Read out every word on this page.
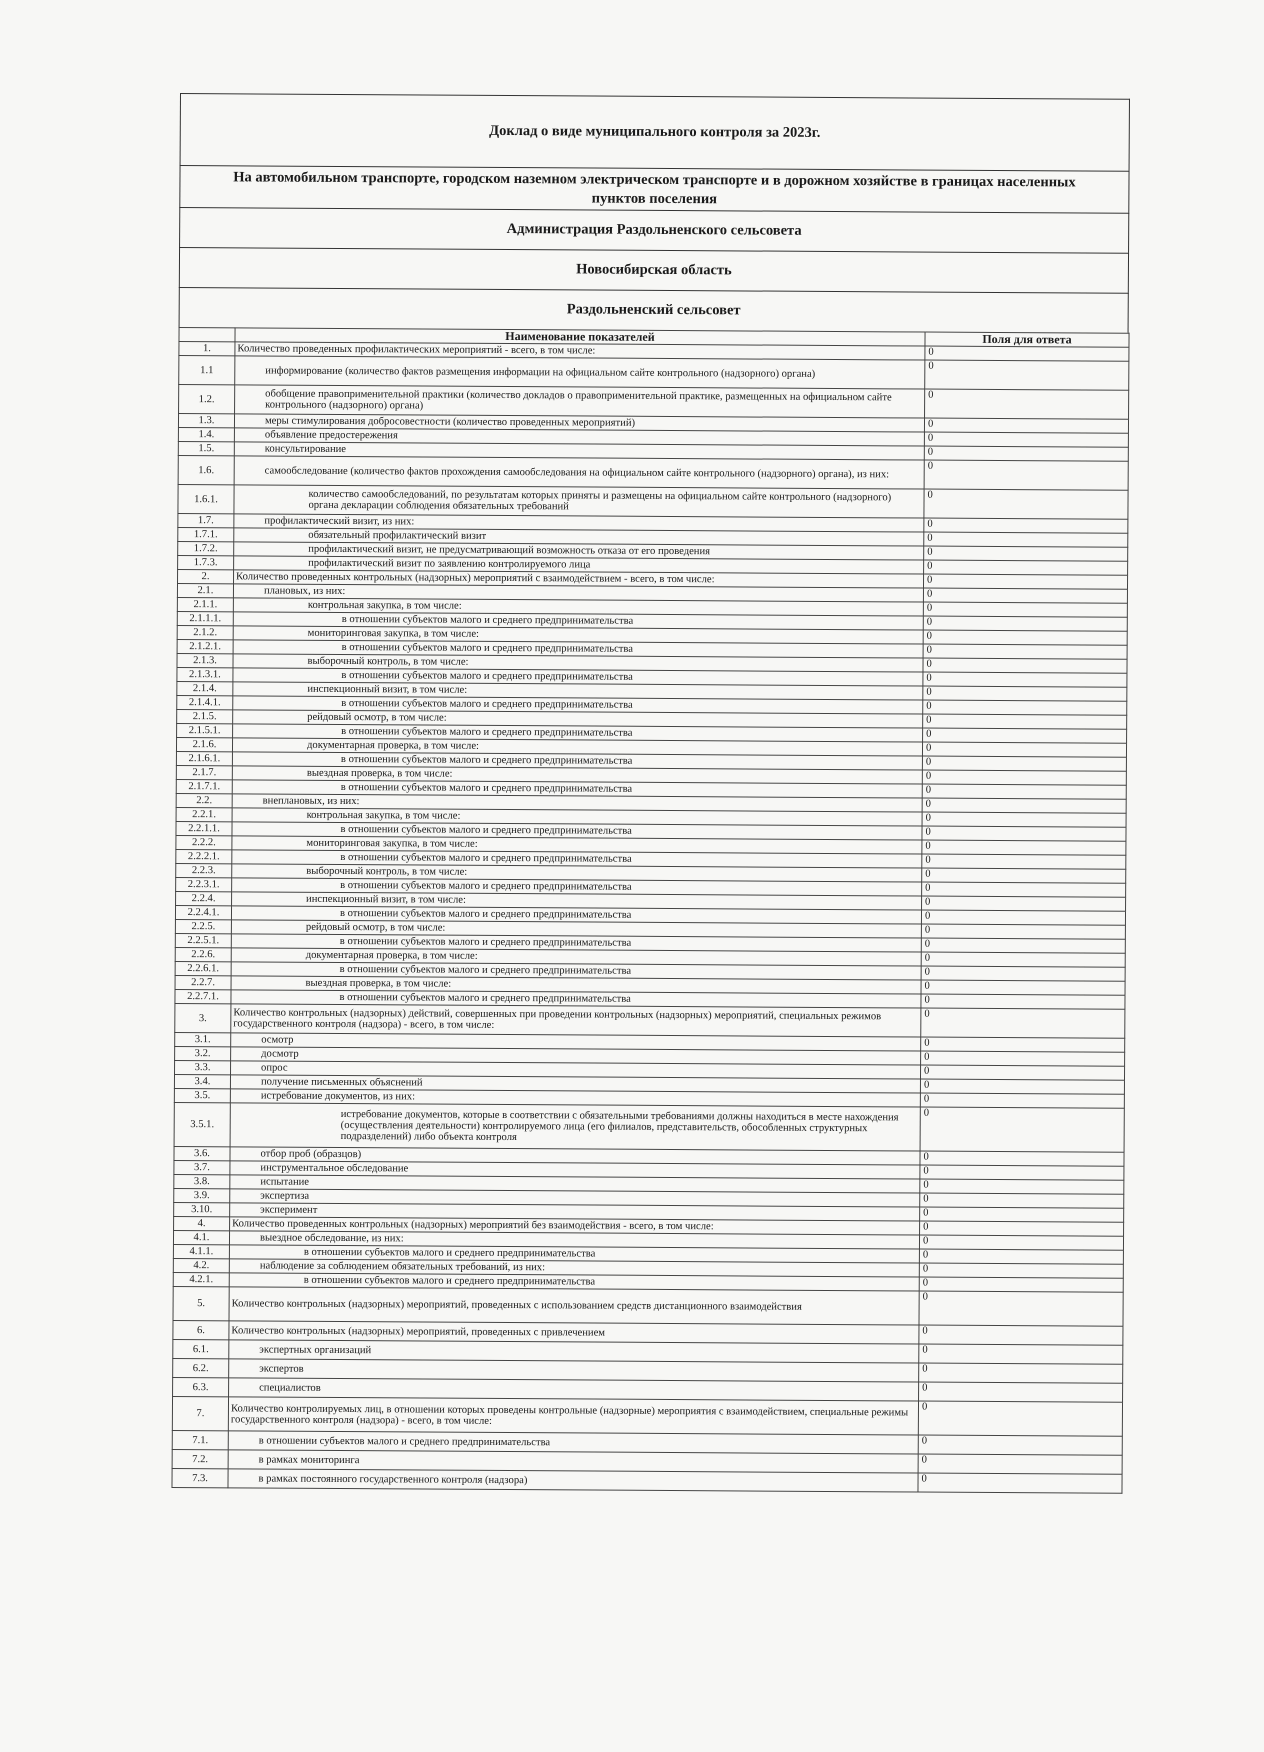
Доклад о виде муниципального контроля за 2023г.
На автомобильном транспорте, городском наземном электрическом транспорте и в дорожном хозяйстве в границах населенных пунктов поселения
Администрация Раздольненского сельсовета
Новосибирская область
Раздольненский сельсовет
	Наименование показателей	Поля для ответа
1.	Количество проведенных профилактических мероприятий - всего, в том числе:	0
1.1	информирование (количество фактов размещения информации на официальном сайте контрольного (надзорного) органа)	0
1.2.	обобщение правоприменительной практики (количество докладов о правоприменительной практике, размещенных на официальном сайте контрольного (надзорного) органа)	0
1.3.	меры стимулирования добросовестности (количество проведенных мероприятий)	0
1.4.	объявление предостережения	0
1.5.	консультирование	0
1.6.	самообследование (количество фактов прохождения самообследования на официальном сайте контрольного (надзорного) органа), из них:	0
1.6.1.	количество самообследований, по результатам которых приняты и размещены на официальном сайте контрольного (надзорного) органа декларации соблюдения обязательных требований	0
1.7.	профилактический визит, из них:	0
1.7.1.	обязательный профилактический визит	0
1.7.2.	профилактический визит, не предусматривающий возможность отказа от его проведения	0
1.7.3.	профилактический визит по заявлению контролируемого лица	0
2.	Количество проведенных контрольных (надзорных) мероприятий с взаимодействием - всего, в том числе:	0
2.1.	плановых, из них:	0
2.1.1.	контрольная закупка, в том числе:	0
2.1.1.1.	в отношении субъектов малого и среднего предпринимательства	0
2.1.2.	мониторинговая закупка, в том числе:	0
2.1.2.1.	в отношении субъектов малого и среднего предпринимательства	0
2.1.3.	выборочный контроль, в том числе:	0
2.1.3.1.	в отношении субъектов малого и среднего предпринимательства	0
2.1.4.	инспекционный визит, в том числе:	0
2.1.4.1.	в отношении субъектов малого и среднего предпринимательства	0
2.1.5.	рейдовый осмотр, в том числе:	0
2.1.5.1.	в отношении субъектов малого и среднего предпринимательства	0
2.1.6.	документарная проверка, в том числе:	0
2.1.6.1.	в отношении субъектов малого и среднего предпринимательства	0
2.1.7.	выездная проверка, в том числе:	0
2.1.7.1.	в отношении субъектов малого и среднего предпринимательства	0
2.2.	внеплановых, из них:	0
2.2.1.	контрольная закупка, в том числе:	0
2.2.1.1.	в отношении субъектов малого и среднего предпринимательства	0
2.2.2.	мониторинговая закупка, в том числе:	0
2.2.2.1.	в отношении субъектов малого и среднего предпринимательства	0
2.2.3.	выборочный контроль, в том числе:	0
2.2.3.1.	в отношении субъектов малого и среднего предпринимательства	0
2.2.4.	инспекционный визит, в том числе:	0
2.2.4.1.	в отношении субъектов малого и среднего предпринимательства	0
2.2.5.	рейдовый осмотр, в том числе:	0
2.2.5.1.	в отношении субъектов малого и среднего предпринимательства	0
2.2.6.	документарная проверка, в том числе:	0
2.2.6.1.	в отношении субъектов малого и среднего предпринимательства	0
2.2.7.	выездная проверка, в том числе:	0
2.2.7.1.	в отношении субъектов малого и среднего предпринимательства	0
3.	Количество контрольных (надзорных) действий, совершенных при проведении контрольных (надзорных) мероприятий, специальных режимов государственного контроля (надзора) - всего, в том числе:	0
3.1.	осмотр	0
3.2.	досмотр	0
3.3.	опрос	0
3.4.	получение письменных объяснений	0
3.5.	истребование документов, из них:	0
3.5.1.	истребование документов, которые в соответствии с обязательными требованиями должны находиться в месте нахождения (осуществления деятельности) контролируемого лица (его филиалов, представительств, обособленных структурных подразделений) либо объекта контроля	0
3.6.	отбор проб (образцов)	0
3.7.	инструментальное обследование	0
3.8.	испытание	0
3.9.	экспертиза	0
3.10.	эксперимент	0
4.	Количество проведенных контрольных (надзорных) мероприятий без взаимодействия - всего, в том числе:	0
4.1.	выездное обследование, из них:	0
4.1.1.	в отношении субъектов малого и среднего предпринимательства	0
4.2.	наблюдение за соблюдением обязательных требований, из них:	0
4.2.1.	в отношении субъектов малого и среднего предпринимательства	0
5.	Количество контрольных (надзорных) мероприятий, проведенных с использованием средств дистанционного взаимодействия	0
6.	Количество контрольных (надзорных) мероприятий, проведенных с привлечением	0
6.1.	экспертных организаций	0
6.2.	экспертов	0
6.3.	специалистов	0
7.	Количество контролируемых лиц, в отношении которых проведены контрольные (надзорные) мероприятия с взаимодействием, специальные режимы государственного контроля (надзора) - всего, в том числе:	0
7.1.	в отношении субъектов малого и среднего предпринимательства	0
7.2.	в рамках мониторинга	0
7.3.	в рамках постоянного государственного контроля (надзора)	0
